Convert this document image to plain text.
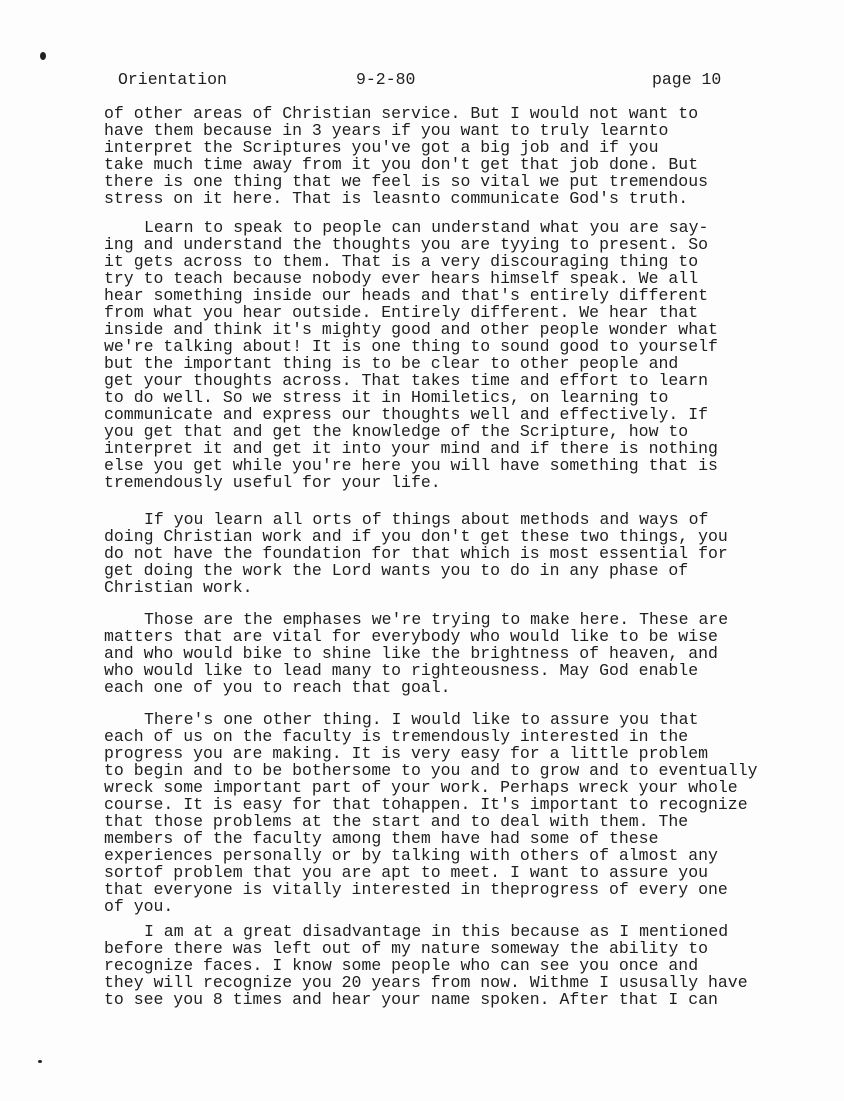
Orientation	9-2-80	page 10
of other areas of Christian service. But I would not want to
have them because in 3 years if you want to truly learnto
interpret the Scriptures you've got a big job and if you
take much time away from it you don't get that job done. But
there is one thing that we feel is so vital we put tremendous
stress on it here. That is leasnto communicate God's truth.
Learn to speak to people can understand what you are say-
ing and understand the thoughts you are tyying to present. So
it gets across to them. That is a very discouraging thing to
try to teach because nobody ever hears himself speak. We all
hear something inside our heads and that's entirely different
from what you hear outside. Entirely different. We hear that
inside and think it's mighty good and other people wonder what
we're talking about! It is one thing to sound good to yourself
but the important thing is to be clear to other people and
get your thoughts across. That takes time and effort to learn
to do well. So we stress it in Homiletics, on learning to
communicate and express our thoughts well and effectively. If
you get that and get the knowledge of the Scripture, how to
interpret it and get it into your mind and if there is nothing
else you get while you're here you will have something that is
tremendously useful for your life.
If you learn all orts of things about methods and ways of
doing Christian work and if you don't get these two things, you
do not have the foundation for that which is most essential for
get doing the work the Lord wants you to do in any phase of
Christian work.
Those are the emphases we're trying to make here. These are
matters that are vital for everybody who would like to be wise
and who would bike to shine like the brightness of heaven, and
who would like to lead many to righteousness. May God enable
each one of you to reach that goal.
There's one other thing. I would like to assure you that
each of us on the faculty is tremendously interested in the
progress you are making. It is very easy for a little problem
to begin and to be bothersome to you and to grow and to eventually
wreck some important part of your work. Perhaps wreck your whole
course. It is easy for that tohappen. It's important to recognize
that those problems at the start and to deal with them. The
members of the faculty among them have had some of these
experiences personally or by talking with others of almost any
sortof problem that you are apt to meet. I want to assure you
that everyone is vitally interested in theprogress of every one
of you.
I am at a great disadvantage in this because as I mentioned
before there was left out of my nature someway the ability to
recognize faces. I know some people who can see you once and
they will recognize you 20 years from now. Withme I ususally have
to see you 8 times and hear your name spoken. After that I can
